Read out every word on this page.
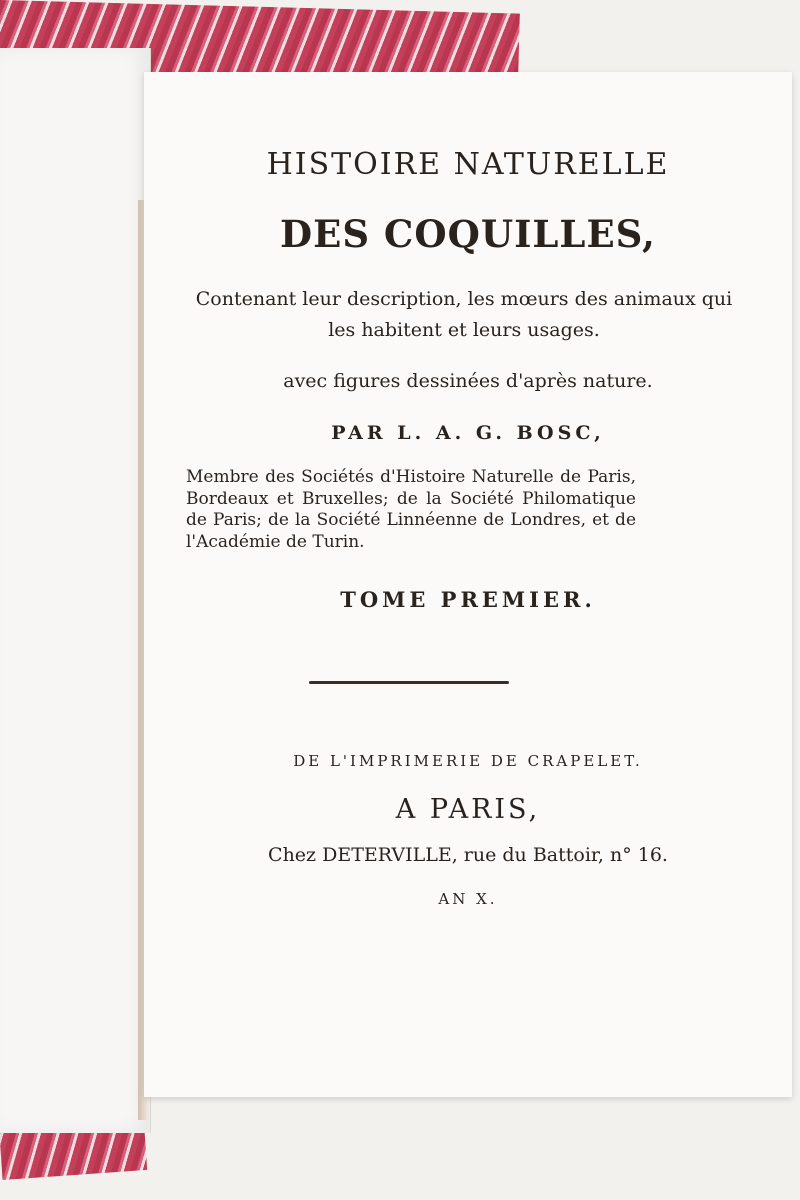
HISTOIRE NATURELLE
DES COQUILLES,
Contenant leur description, les mœurs des animaux qui les habitent et leurs usages.
avec figures dessinées d'après nature.
PAR L. A. G. BOSC,
Membre des Sociétés d'Histoire Naturelle de Paris, Bordeaux et Bruxelles; de la Société Philomatique de Paris; de la Société Linnéenne de Londres, et de l'Académie de Turin.
TOME PREMIER.
DE L'IMPRIMERIE DE CRAPELET.
A PARIS,
Chez DETERVILLE, rue du Battoir, n° 16.
AN X.
